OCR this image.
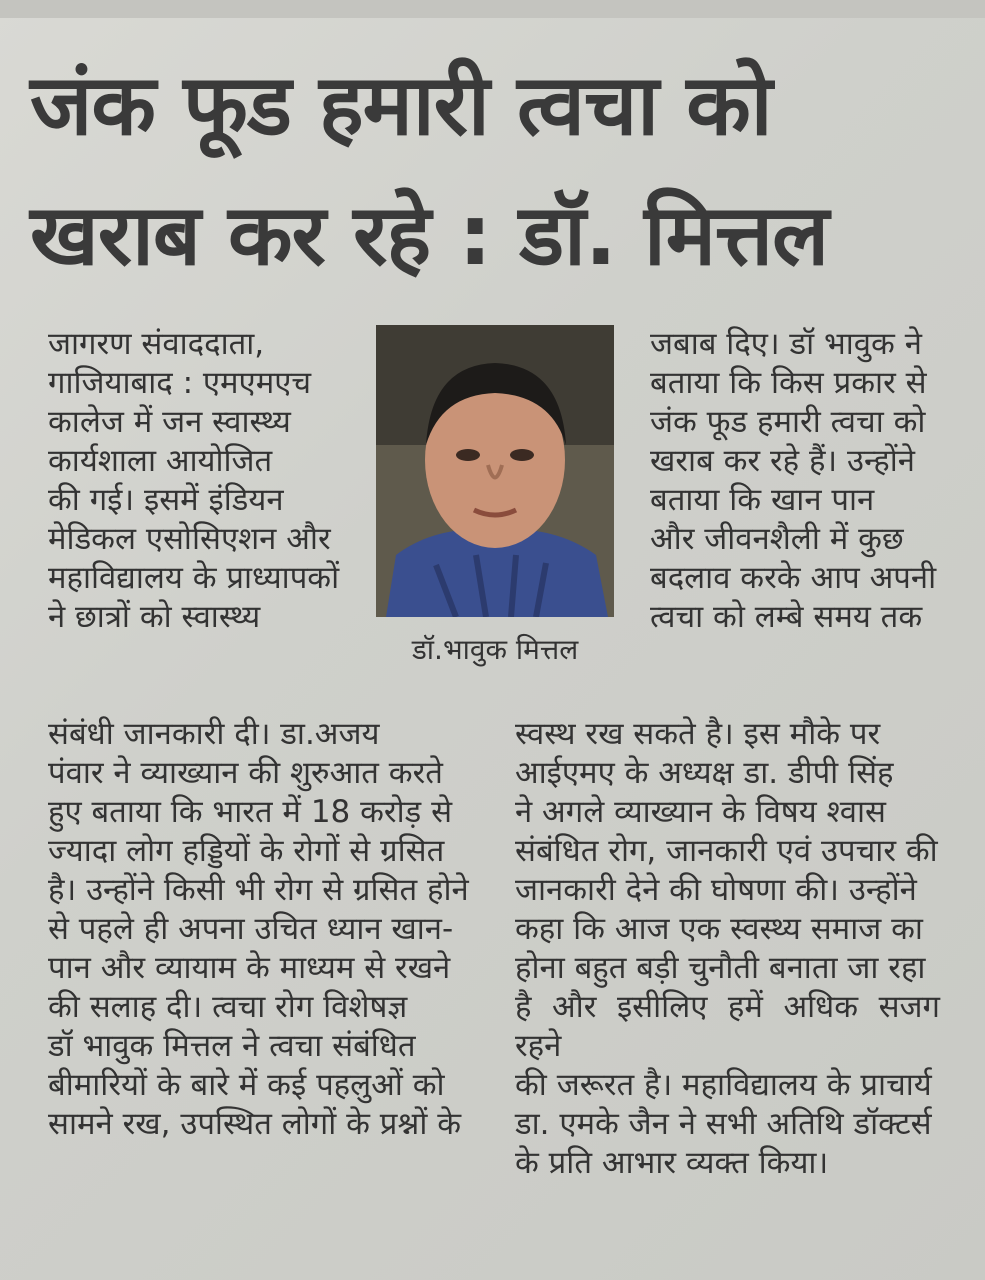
जंक फूड हमारी त्वचा को
खराब कर रहे : डॉ. मित्तल

जागरण संवाददाता,

गाजियाबाद : एमएमएच

कालेज में जन स्वास्थ्य

कार्यशाला आयोजित

की गई। इसमें इंडियन

मेडिकल एसोसिएशन और

महाविद्यालय के प्राध्यापकों

ने छात्रों को स्वास्थ्य

डॉ.भावुक मित्तल

जबाब दिए। डॉ भावुक ने

बताया कि किस प्रकार से

जंक फूड हमारी त्वचा को

खराब कर रहे हैं। उन्होंने

बताया कि खान पान

और जीवनशैली में कुछ

बदलाव करके आप अपनी

त्वचा को लम्बे समय तक

संबंधी जानकारी दी। डा.अजय

पंवार ने व्याख्यान की शुरुआत करते

हुए बताया कि भारत में 18 करोड़ से

ज्यादा लोग हड्डियों के रोगों से ग्रसित

है। उन्होंने किसी भी रोग से ग्रसित होने

से पहले ही अपना उचित ध्यान खान-

पान और व्यायाम के माध्यम से रखने

की सलाह दी। त्वचा रोग विशेषज्ञ

डॉ भावुक मित्तल ने त्वचा संबंधित

बीमारियों के बारे में कई पहलुओं को

सामने रख, उपस्थित लोगों के प्रश्नों के

स्वस्थ रख सकते है। इस मौके पर

आईएमए के अध्यक्ष डा. डीपी सिंह

ने अगले व्याख्यान के विषय श्वास

संबंधित रोग, जानकारी एवं उपचार की

जानकारी देने की घोषणा की। उन्होंने

कहा कि आज एक स्वस्थ्य समाज का

होना बहुत बड़ी चुनौती बनाता जा रहा

है और इसीलिए हमें अधिक सजग रहने

की जरूरत है। महाविद्यालय के प्राचार्य

डा. एमके जैन ने सभी अतिथि डॉक्टर्स

के प्रति आभार व्यक्त किया।
